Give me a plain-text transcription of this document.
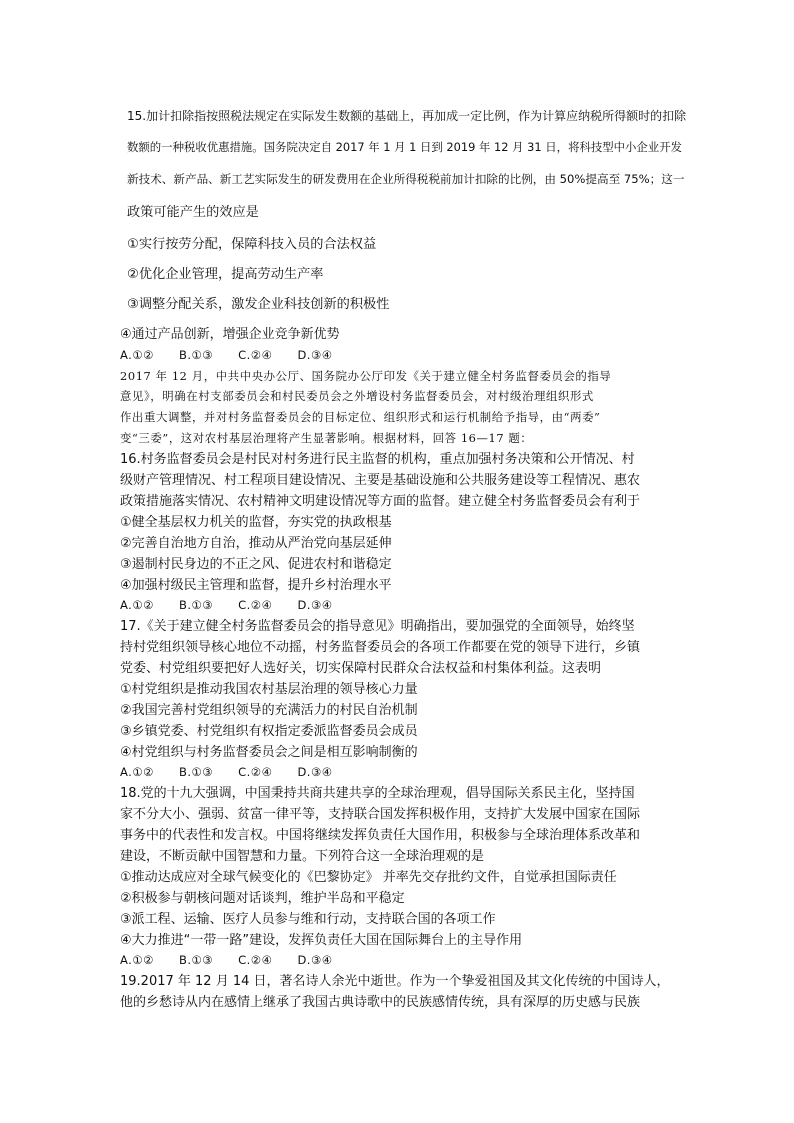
15.加计扣除指按照税法规定在实际发生数额的基础上，再加成一定比例，作为计算应纳税所得额时的扣除
数额的一种税收优惠措施。国务院决定自 2017 年 1 月 1 日到 2019 年 12 月 31 日，将科技型中小企业开发
新技术、新产品、新工艺实际发生的研发费用在企业所得税税前加计扣除的比例，由 50%提高至 75%；这一
政策可能产生的效应是
①实行按劳分配，保障科技入员的合法权益
②优化企业管理，提高劳动生产率
③调整分配关系，激发企业科技创新的积极性
④通过产品创新，增强企业竞争新优势
A.①② B.①③ C.②④ D.③④
2017 年 12 月，中共中央办公厅、国务院办公厅印发《关于建立健全村务监督委员会的指导
意见》，明确在村支部委员会和村民委员会之外增设村务监督委员会，对村级治理组织形式
作出重大调整，并对村务监督委员会的目标定位、组织形式和运行机制给予指导，由“两委”
变“三委”，这对农村基层治理将产生显著影响。根据材料，回答 16—17 题：
16.村务监督委员会是村民对村务进行民主监督的机构，重点加强村务决策和公开情况、村
级财产管理情况、村工程项目建设情况、主要是基础设施和公共服务建设等工程情况、惠农
政策措施落实情况、农村精神文明建设情况等方面的监督。建立健全村务监督委员会有利于
①健全基层权力机关的监督，夯实党的执政根基
②完善自治地方自治，推动从严治党向基层延伸
③遏制村民身边的不正之风、促进农村和谐稳定
④加强村级民主管理和监督，提升乡村治理水平
A.①② B.①③ C.②④ D.③④
17.《关于建立健全村务监督委员会的指导意见》明确指出，要加强党的全面领导，始终坚
持村党组织领导核心地位不动摇，村务监督委员会的各项工作都要在党的领导下进行，乡镇
党委、村党组织要把好人选好关，切实保障村民群众合法权益和村集体利益。这表明
①村党组织是推动我国农村基层治理的领导核心力量
②我国完善村党组织领导的充满活力的村民自治机制
③乡镇党委、村党组织有权指定委派监督委员会成员
④村党组织与村务监督委员会之间是相互影响制衡的
A.①② B.①③ C.②④ D.③④
18.党的十九大强调，中国秉持共商共建共享的全球治理观，倡导国际关系民主化，坚持国
家不分大小、强弱、贫富一律平等，支持联合国发挥积极作用，支持扩大发展中国家在国际
事务中的代表性和发言权。中国将继续发挥负责任大国作用，积极参与全球治理体系改革和
建设，不断贡献中国智慧和力量。下列符合这一全球治理观的是
①推动达成应对全球气候变化的《巴黎协定》 并率先交存批约文件，自觉承担国际责任
②积极参与朝核问题对话谈判，维护半岛和平稳定
③派工程、运输、医疗人员参与维和行动，支持联合国的各项工作
④大力推进“一带一路”建设，发挥负责任大国在国际舞台上的主导作用
A.①② B.①③ C.②④ D.③④
19.2017 年 12 月 14 日，著名诗人余光中逝世。作为一个挚爱祖国及其文化传统的中国诗人，
他的乡愁诗从内在感情上继承了我国古典诗歌中的民族感情传统，具有深厚的历史感与民族
